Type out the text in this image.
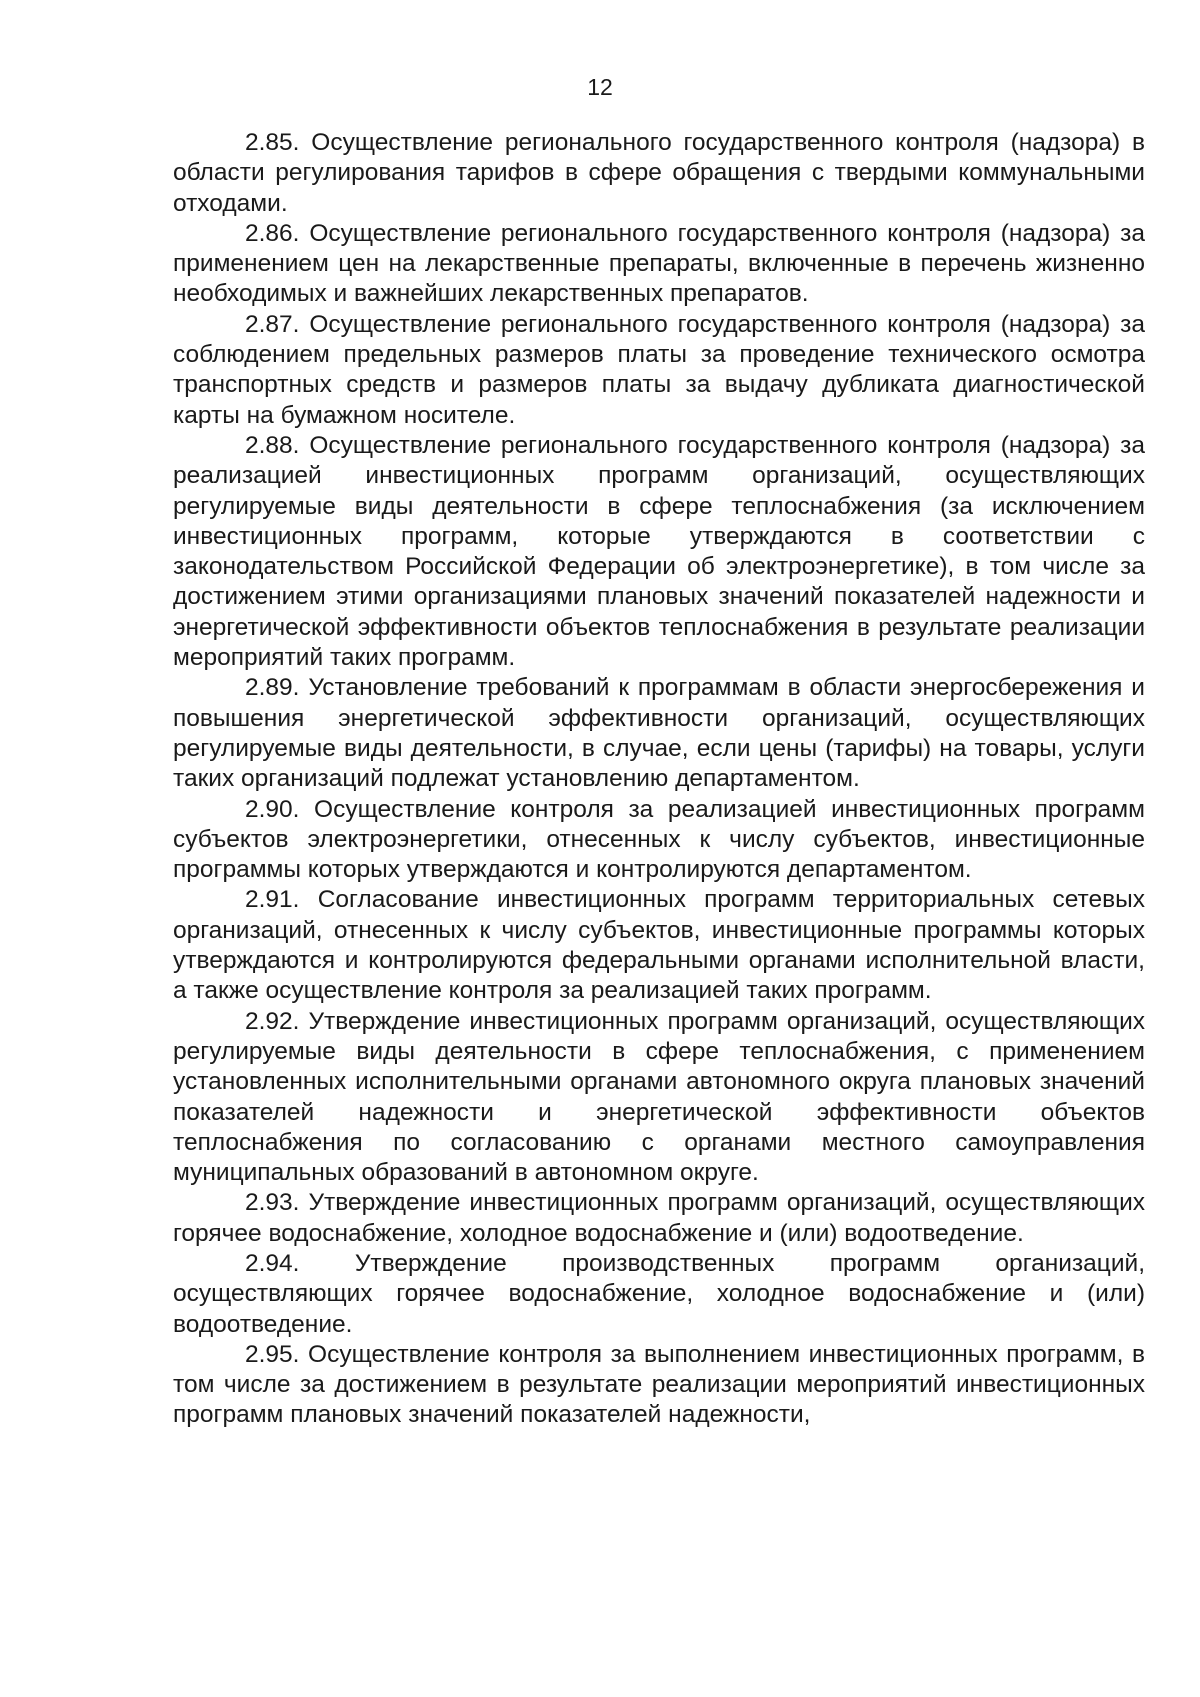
12

2.85. Осуществление регионального государственного контроля (надзора) в области регулирования тарифов в сфере обращения с твердыми коммунальными отходами.

2.86. Осуществление регионального государственного контроля (надзора) за применением цен на лекарственные препараты, включенные в перечень жизненно необходимых и важнейших лекарственных препаратов.

2.87. Осуществление регионального государственного контроля (надзора) за соблюдением предельных размеров платы за проведение технического осмотра транспортных средств и размеров платы за выдачу дубликата диагностической карты на бумажном носителе.

2.88. Осуществление регионального государственного контроля (надзора) за реализацией инвестиционных программ организаций, осуществляющих регулируемые виды деятельности в сфере теплоснабжения (за исключением инвестиционных программ, которые утверждаются в соответствии с законодательством Российской Федерации об электроэнергетике), в том числе за достижением этими организациями плановых значений показателей надежности и энергетической эффективности объектов теплоснабжения в результате реализации мероприятий таких программ.

2.89. Установление требований к программам в области энергосбережения и повышения энергетической эффективности организаций, осуществляющих регулируемые виды деятельности, в случае, если цены (тарифы) на товары, услуги таких организаций подлежат установлению департаментом.

2.90. Осуществление контроля за реализацией инвестиционных программ субъектов электроэнергетики, отнесенных к числу субъектов, инвестиционные программы которых утверждаются и контролируются департаментом.

2.91. Согласование инвестиционных программ территориальных сетевых организаций, отнесенных к числу субъектов, инвестиционные программы которых утверждаются и контролируются федеральными органами исполнительной власти, а также осуществление контроля за реализацией таких программ.

2.92. Утверждение инвестиционных программ организаций, осуществляющих регулируемые виды деятельности в сфере теплоснабжения, с применением установленных исполнительными органами автономного округа плановых значений показателей надежности и энергетической эффективности объектов теплоснабжения по согласованию с органами местного самоуправления муниципальных образований в автономном округе.

2.93. Утверждение инвестиционных программ организаций, осуществляющих горячее водоснабжение, холодное водоснабжение и (или) водоотведение.

2.94. Утверждение производственных программ организаций, осуществляющих горячее водоснабжение, холодное водоснабжение и (или) водоотведение.

2.95. Осуществление контроля за выполнением инвестиционных программ, в том числе за достижением в результате реализации мероприятий инвестиционных программ плановых значений показателей надежности,
